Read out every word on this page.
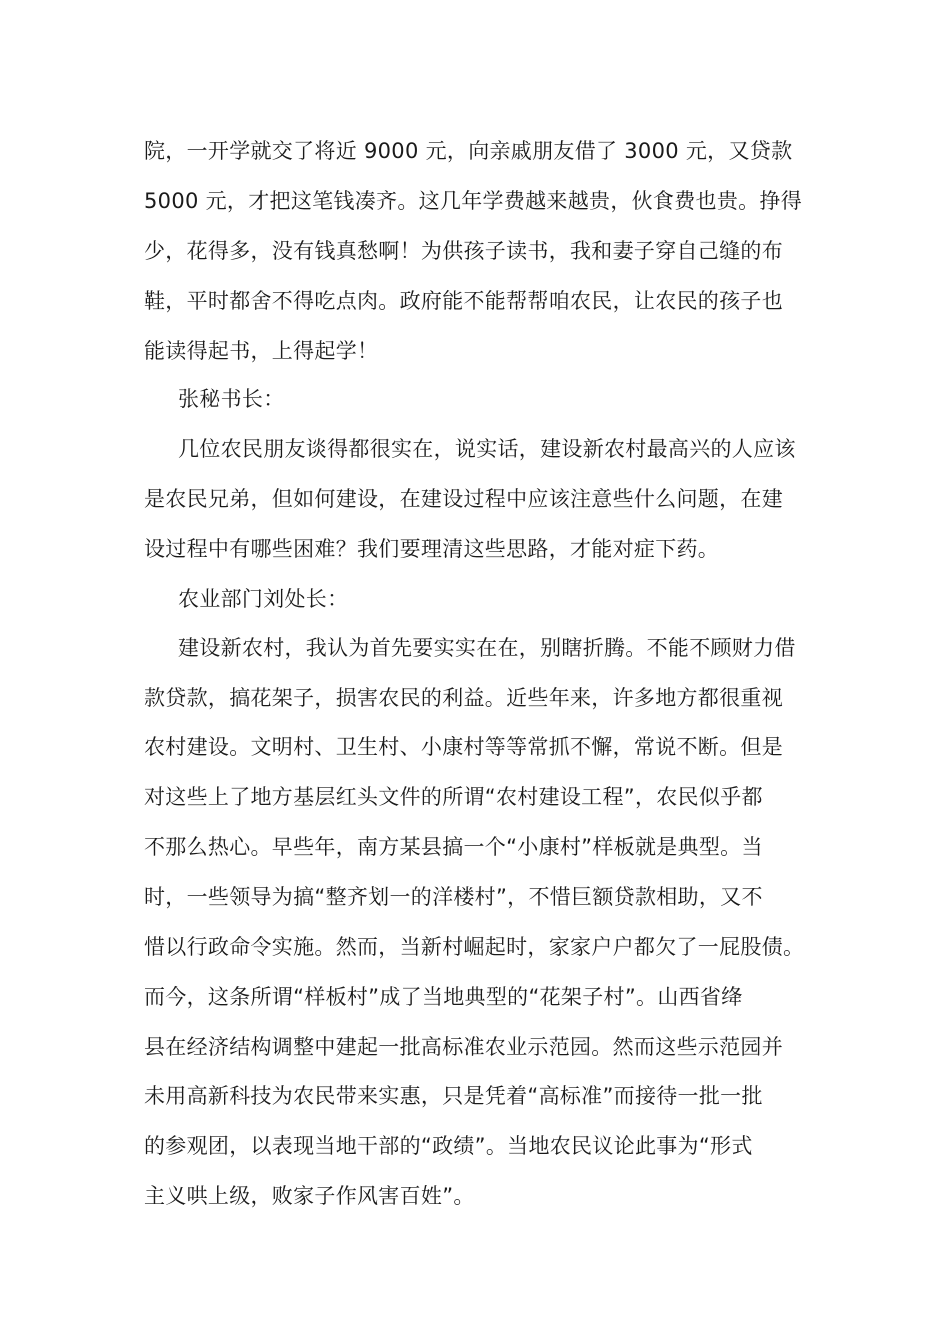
院，一开学就交了将近 9000 元，向亲戚朋友借了 3000 元，又贷款
5000 元，才把这笔钱凑齐。这几年学费越来越贵，伙食费也贵。挣得
少，花得多，没有钱真愁啊！为供孩子读书，我和妻子穿自己缝的布
鞋，平时都舍不得吃点肉。政府能不能帮帮咱农民，让农民的孩子也
能读得起书，上得起学！
张秘书长：
几位农民朋友谈得都很实在，说实话，建设新农村最高兴的人应该
是农民兄弟，但如何建设，在建设过程中应该注意些什么问题，在建
设过程中有哪些困难？我们要理清这些思路，才能对症下药。
农业部门刘处长：
建设新农村，我认为首先要实实在在，别瞎折腾。不能不顾财力借
款贷款，搞花架子，损害农民的利益。近些年来，许多地方都很重视
农村建设。文明村、卫生村、小康村等等常抓不懈，常说不断。但是
对这些上了地方基层红头文件的所谓“农村建设工程”，农民似乎都
不那么热心。早些年，南方某县搞一个“小康村”样板就是典型。当
时，一些领导为搞“整齐划一的洋楼村”，不惜巨额贷款相助，又不
惜以行政命令实施。然而，当新村崛起时，家家户户都欠了一屁股债。
而今，这条所谓“样板村”成了当地典型的“花架子村”。山西省绛
县在经济结构调整中建起一批高标准农业示范园。然而这些示范园并
未用高新科技为农民带来实惠，只是凭着“高标准”而接待一批一批
的参观团，以表现当地干部的“政绩”。当地农民议论此事为“形式
主义哄上级，败家子作风害百姓”。
